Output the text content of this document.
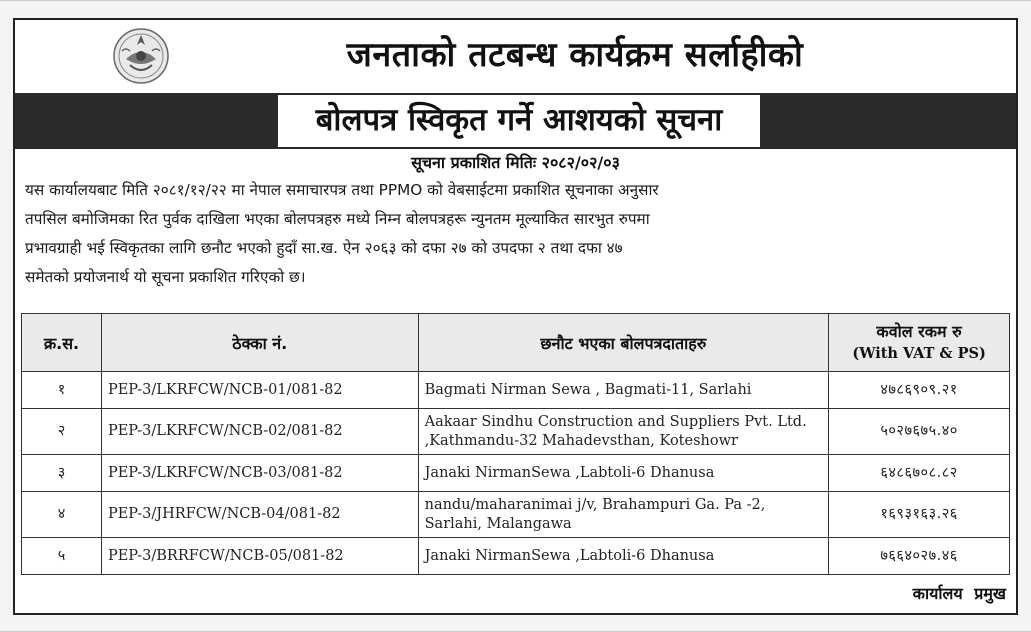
जनताको तटबन्ध कार्यक्रम सर्लाहीको
बोलपत्र स्विकृत गर्ने आशयको सूचना
सूचना प्रकाशित मितिः २०८२/०२/०३
यस कार्यालयबाट मिति २०८१/१२/२२ मा नेपाल समाचारपत्र तथा PPMO को वेबसाईटमा प्रकाशित सूचनाका अनुसार
तपसिल बमोजिमका रित पुर्वक दाखिला भएका बोलपत्रहरु मध्ये निम्न बोलपत्रहरू न्युनतम मूल्याकित सारभुत रुपमा
प्रभावग्राही भई स्विकृतका लागि छनौट भएको हुदाँ सा.ख. ऐन २०६३ को दफा २७ को उपदफा २ तथा दफा ४७
समेतको प्रयोजनार्थ यो सूचना प्रकाशित गरिएको छ।
क्र.स.	ठेक्का नं.	छनौट भएका बोलपत्रदाताहरु	कवोल रकम रु
(With VAT & PS)

१	PEP-3/LKRFCW/NCB-01/081-82	Bagmati Nirman Sewa , Bagmati-11, Sarlahi	४७८६९०९.२१
२	PEP-3/LKRFCW/NCB-02/081-82	Aakaar Sindhu Construction and Suppliers Pvt. Ltd. ,Kathmandu-32 Mahadevsthan, Koteshowr	५०२७६७५.४०
३	PEP-3/LKRFCW/NCB-03/081-82	Janaki NirmanSewa ,Labtoli-6 Dhanusa	६४८६७०८.८२
४	PEP-3/JHRFCW/NCB-04/081-82	nandu/maharanimai j/v, Brahampuri Ga. Pa -2, Sarlahi, Malangawa	१६९३१६३.२६
५	PEP-3/BRRFCW/NCB-05/081-82	Janaki NirmanSewa ,Labtoli-6 Dhanusa	७६६४०२७.४६
कार्यालय प्रमुख
